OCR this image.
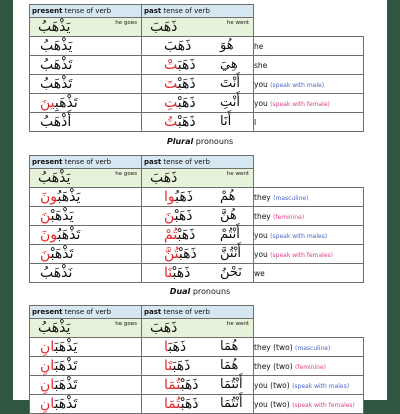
present tense of verb	past tense of verb	

يَذْهَبُ he goes	ذَهَبَ he went	

يَذْهَبُ	ذَهَبَ هُوَ	he

تَذْهَبُ	ذَهَبَتْ هِيَ	she

تَذْهَبُ	ذَهَبْتَ أَنْتَ	you (speak with male)

تَذْهَبِينَ	ذَهَبْتِ أَنْتِ	you (speak with female)

أَذْهَبُ	ذَهَبْتُ أَنَا	I
Plural pronouns
present tense of verb	past tense of verb	

يَذْهَبُ he goes	ذَهَبَ he went	

يَذْهَبُونَ	ذَهَبُوا هُمْ	they (masculine)

يَذْهَبْنَ	ذَهَبْنَ هُنَّ	they (feminine)

تَذْهَبُونَ	ذَهَبْتُمْ أَنْتُمْ	you (speak with males)

تَذْهَبْنَ	ذَهَبْتُنَّ أَنْتُنَّ	you (speak with females)

نَذْهَبُ	ذَهَبْنَا نَحْنُ	we
Dual pronouns
present tense of verb	past tense of verb	

يَذْهَبُ he goes	ذَهَبَ he went	

يَذْهَبَانِ	ذَهَبَا هُمَا	they (two) (masculine)

تَذْهَبَانِ	ذَهَبَتَا هُمَا	they (two) (feminine)

تَذْهَبَانِ	ذَهَبْتُمَا أَنْتُمَا	you (two) (speak with males)

تَذْهَبَانِ	ذَهَبْتُمَا أَنْتُمَا	you (two) (speak with females)
